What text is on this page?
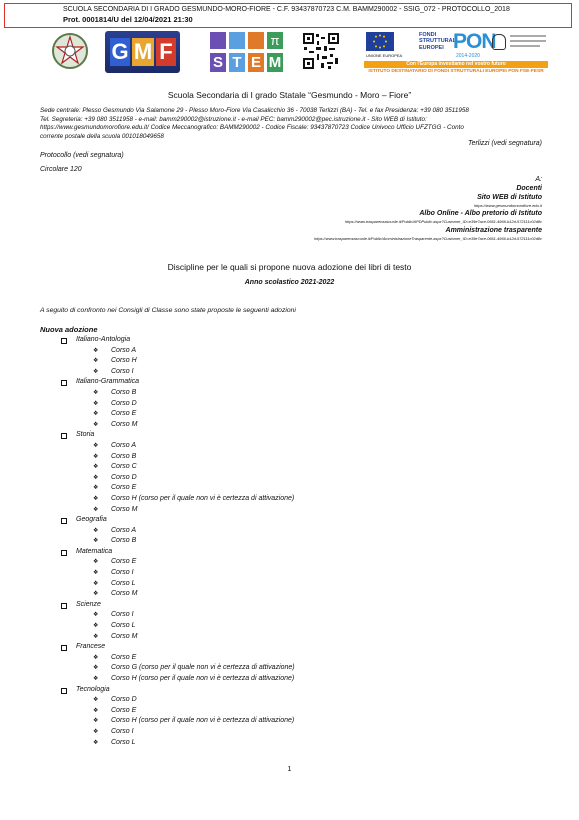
SCUOLA SECONDARIA DI I GRADO GESMUNDO-MORO-FIORE - C.F. 93437870723 C.M. BAMM290002 - SSIG_072 - PROTOCOLLO_2018
Prot. 0001814/U del 12/04/2021 21:30
G M F	π
S T E M	UNIONE EUROPEA
FONDI
STRUTTURALI
EUROPEI PON
2014-2020
Con l'Europa investiamo nel vostro futuro
ISTITUTO DESTINATARIO DI FONDI STRUTTURALI EUROPEI PON FSE-FESR
Scuola Secondaria di I grado Statale “Gesmundo - Moro – Fiore”
Sede centrale: Plesso Gesmundo Via Salamone 29 - Plesso Moro-Fiore Via Casalicchio 36 - 70038 Terlizzi (BA) - Tel. e fax Presidenza: +39 080 3511958
Tel. Segreteria: +39 080 3511958 - e-mail: bamm290002@istruzione.it - e-mail PEC: bamm290002@pec.istruzione.it - Sito WEB di Istituto:
https://www.gesmundomorofiore.edu.it/ Codice Meccanografico: BAMM290002 - Codice Fiscale: 93437870723 Codice Univoco Ufficio UFZTGG - Conto
corrente postale della scuola 001018049658
Terlizzi (vedi segnatura)
Protocollo (vedi segnatura)
Circolare 120
A:
Docenti
Sito WEB di Istituto
https://www.gesmundomorofiore.edu.it
Albo Online - Albo pretorio di Istituto
https://www.trasparenzascuole.it/Public/APDPublic.aspx?Customer_ID=e39e7ace-0661-4966-b12d-572111c02d8c
Amministrazione trasparente
https://www.trasparenzascuole.it/Public/AmministrazioneTrasparente.aspx?Customer_ID=e39e7ace-0661-4966-b12d-572111c02d8c
Discipline per le quali si propone nuova adozione dei libri di testo
Anno scolastico 2021-2022
A seguito di confronto nei Consigli di Classe sono state proposte le seguenti adozioni
Nuova adozione
Italiano-Antologia
❖ Corso A
❖ Corso H
❖ Corso I
Italiano-Grammatica
❖ Corso B
❖ Corso D
❖ Corso E
❖ Corso M
Storia
❖ Corso A
❖ Corso B
❖ Corso C
❖ Corso D
❖ Corso E
❖ Corso H (corso per il quale non vi è certezza di attivazione)
❖ Corso M
Geografia
❖ Corso A
❖ Corso B
Matematica
❖ Corso E
❖ Corso I
❖ Corso L
❖ Corso M
Scienze
❖ Corso I
❖ Corso L
❖ Corso M
Francese
❖ Corso E
❖ Corso G (corso per il quale non vi è certezza di attivazione)
❖ Corso H (corso per il quale non vi è certezza di attivazione)
Tecnologia
❖ Corso D
❖ Corso E
❖ Corso H (corso per il quale non vi è certezza di attivazione)
❖ Corso I
❖ Corso L
1
